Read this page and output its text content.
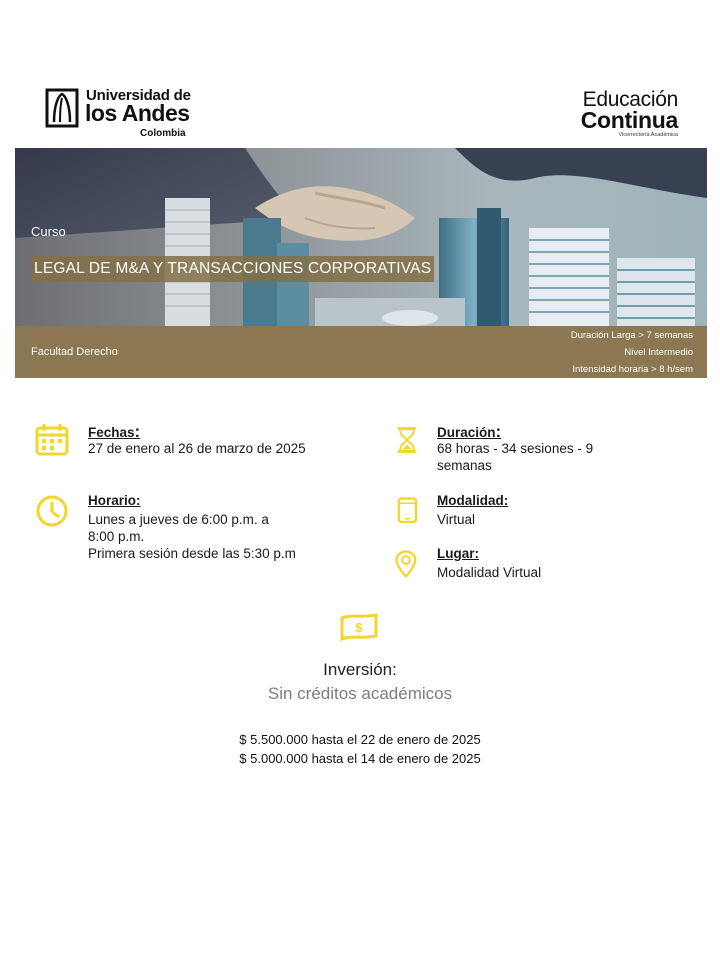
Universidad de
los Andes
Colombia
Educación
Continua
Vicerrectoría Académica
Curso
LEGAL DE M&A Y TRANSACCIONES CORPORATIVAS
Facultad Derecho
Duración Larga > 7 semanas
Nivel Intermedio
Intensidad horaria > 8 h/sem
Fechas:
27 de enero al 26 de marzo de 2025
Horario:
Lunes a jueves de 6:00 p.m. a 8:00 p.m.
Primera sesión desde las 5:30 p.m
Duración:
68 horas - 34 sesiones - 9 semanas
Modalidad:
Virtual
Lugar:
Modalidad Virtual
$
Inversión:
Sin créditos académicos
$ 5.500.000 hasta el 22 de enero de 2025
$ 5.000.000 hasta el 14 de enero de 2025
